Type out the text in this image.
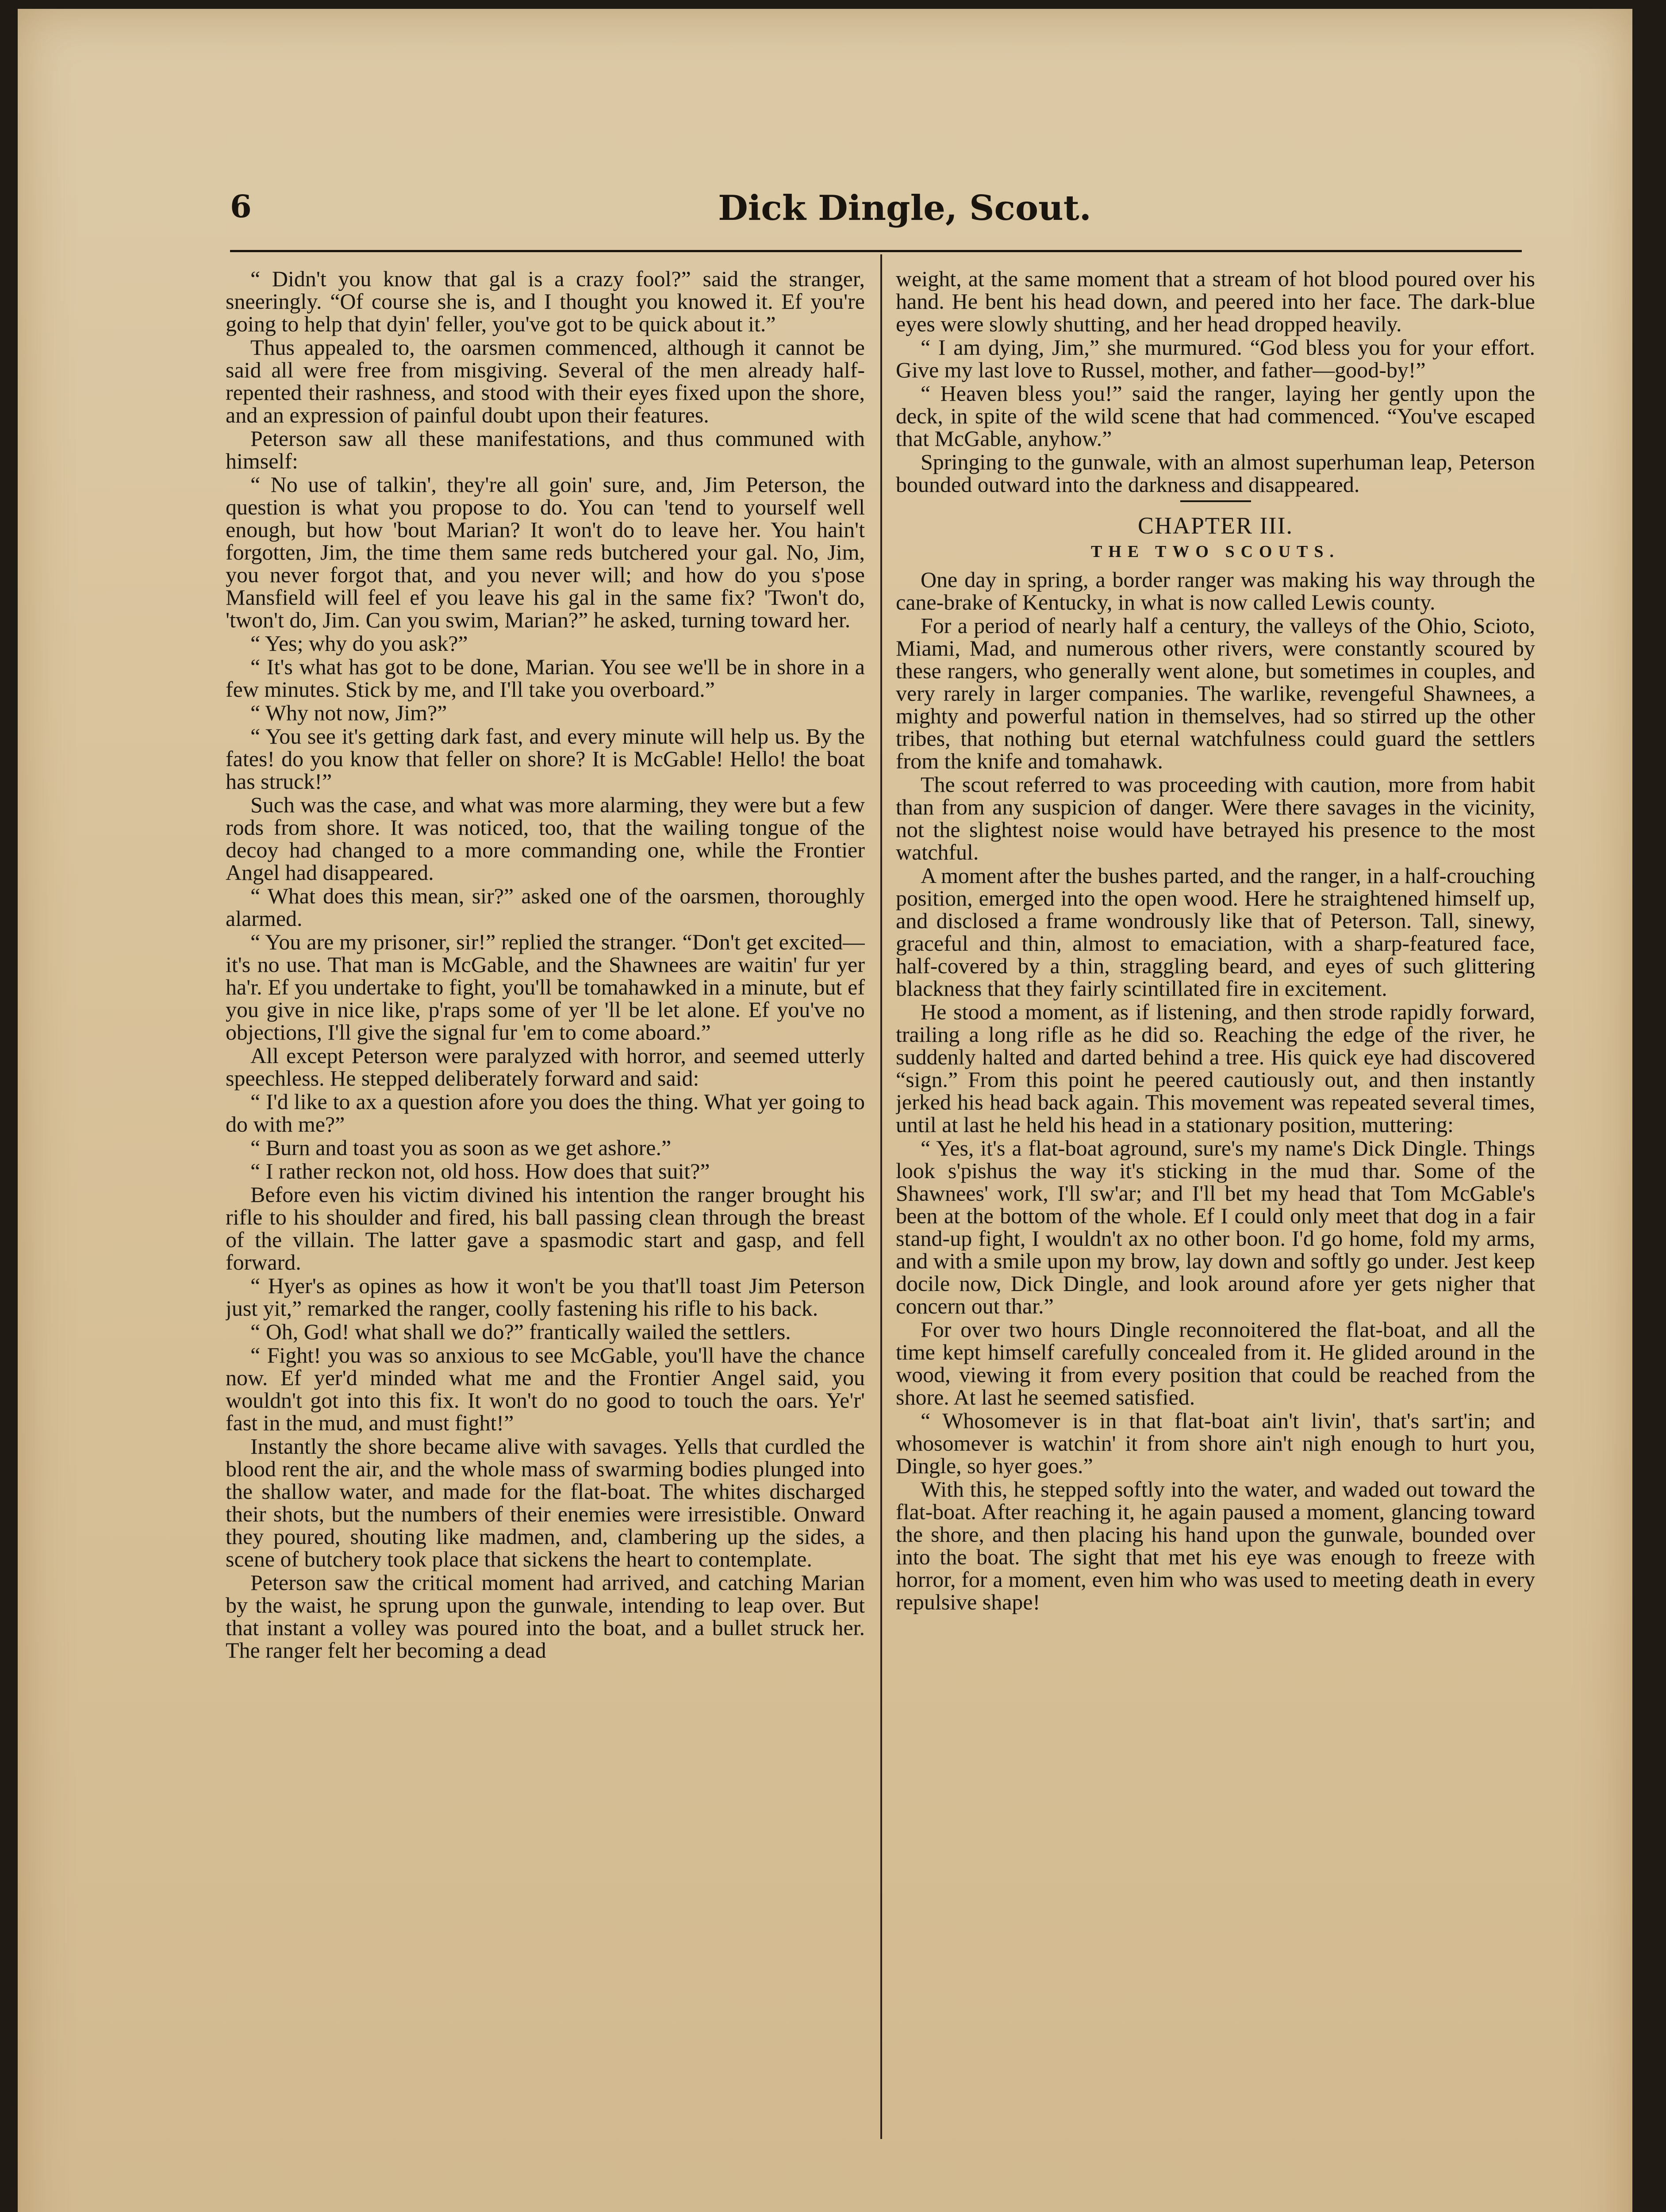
6	Dick Dingle, Scout.

“ Didn't you know that gal is a crazy fool?” said the stranger, sneeringly. “Of course she is, and I thought you knowed it. Ef you're going to help that dyin' feller, you've got to be quick about it.”

Thus appealed to, the oarsmen commenced, although it cannot be said all were free from misgiving. Several of the men already half-repented their rashness, and stood with their eyes fixed upon the shore, and an expression of painful doubt upon their features.

Peterson saw all these manifestations, and thus communed with himself:

“ No use of talkin', they're all goin' sure, and, Jim Peterson, the question is what you propose to do. You can 'tend to yourself well enough, but how 'bout Marian? It won't do to leave her. You hain't forgotten, Jim, the time them same reds butchered your gal. No, Jim, you never forgot that, and you never will; and how do you s'pose Mansfield will feel ef you leave his gal in the same fix? 'Twon't do, 'twon't do, Jim. Can you swim, Marian?” he asked, turning toward her.

“ Yes; why do you ask?”

“ It's what has got to be done, Marian. You see we'll be in shore in a few minutes. Stick by me, and I'll take you overboard.”

“ Why not now, Jim?”

“ You see it's getting dark fast, and every minute will help us. By the fates! do you know that feller on shore? It is McGable! Hello! the boat has struck!”

Such was the case, and what was more alarming, they were but a few rods from shore. It was noticed, too, that the wailing tongue of the decoy had changed to a more commanding one, while the Frontier Angel had disappeared.

“ What does this mean, sir?” asked one of the oarsmen, thoroughly alarmed.

“ You are my prisoner, sir!” replied the stranger. “Don't get excited—it's no use. That man is McGable, and the Shawnees are waitin' fur yer ha'r. Ef you undertake to fight, you'll be tomahawked in a minute, but ef you give in nice like, p'raps some of yer 'll be let alone. Ef you've no objections, I'll give the signal fur 'em to come aboard.”

All except Peterson were paralyzed with horror, and seemed utterly speechless. He stepped deliberately forward and said:

“ I'd like to ax a question afore you does the thing. What yer going to do with me?”

“ Burn and toast you as soon as we get ashore.”

“ I rather reckon not, old hoss. How does that suit?”

Before even his victim divined his intention the ranger brought his rifle to his shoulder and fired, his ball passing clean through the breast of the villain. The latter gave a spasmodic start and gasp, and fell forward.

“ Hyer's as opines as how it won't be you that'll toast Jim Peterson just yit,” remarked the ranger, coolly fastening his rifle to his back.

“ Oh, God! what shall we do?” frantically wailed the settlers.

“ Fight! you was so anxious to see McGable, you'll have the chance now. Ef yer'd minded what me and the Frontier Angel said, you wouldn't got into this fix. It won't do no good to touch the oars. Ye'r' fast in the mud, and must fight!”

Instantly the shore became alive with savages. Yells that curdled the blood rent the air, and the whole mass of swarming bodies plunged into the shallow water, and made for the flat-boat. The whites discharged their shots, but the numbers of their enemies were irresistible. Onward they poured, shouting like madmen, and, clambering up the sides, a scene of butchery took place that sickens the heart to contemplate.

Peterson saw the critical moment had arrived, and catching Marian by the waist, he sprung upon the gunwale, intending to leap over. But that instant a volley was poured into the boat, and a bullet struck her. The ranger felt her becoming a dead

weight, at the same moment that a stream of hot blood poured over his hand. He bent his head down, and peered into her face. The dark-blue eyes were slowly shutting, and her head dropped heavily.

“ I am dying, Jim,” she murmured. “God bless you for your effort. Give my last love to Russel, mother, and father—good-by!”

“ Heaven bless you!” said the ranger, laying her gently upon the deck, in spite of the wild scene that had commenced. “You've escaped that McGable, anyhow.”

Springing to the gunwale, with an almost superhuman leap, Peterson bounded outward into the darkness and disappeared.

CHAPTER III.
THE TWO SCOUTS.

One day in spring, a border ranger was making his way through the cane-brake of Kentucky, in what is now called Lewis county.

For a period of nearly half a century, the valleys of the Ohio, Scioto, Miami, Mad, and numerous other rivers, were constantly scoured by these rangers, who generally went alone, but sometimes in couples, and very rarely in larger companies. The warlike, revengeful Shawnees, a mighty and powerful nation in themselves, had so stirred up the other tribes, that nothing but eternal watchfulness could guard the settlers from the knife and tomahawk.

The scout referred to was proceeding with caution, more from habit than from any suspicion of danger. Were there savages in the vicinity, not the slightest noise would have betrayed his presence to the most watchful.

A moment after the bushes parted, and the ranger, in a half-crouching position, emerged into the open wood. Here he straightened himself up, and disclosed a frame wondrously like that of Peterson. Tall, sinewy, graceful and thin, almost to emaciation, with a sharp-featured face, half-covered by a thin, straggling beard, and eyes of such glittering blackness that they fairly scintillated fire in excitement.

He stood a moment, as if listening, and then strode rapidly forward, trailing a long rifle as he did so. Reaching the edge of the river, he suddenly halted and darted behind a tree. His quick eye had discovered “sign.” From this point he peered cautiously out, and then instantly jerked his head back again. This movement was repeated several times, until at last he held his head in a stationary position, muttering:

“ Yes, it's a flat-boat aground, sure's my name's Dick Dingle. Things look s'pishus the way it's sticking in the mud thar. Some of the Shawnees' work, I'll sw'ar; and I'll bet my head that Tom McGable's been at the bottom of the whole. Ef I could only meet that dog in a fair stand-up fight, I wouldn't ax no other boon. I'd go home, fold my arms, and with a smile upon my brow, lay down and softly go under. Jest keep docile now, Dick Dingle, and look around afore yer gets nigher that concern out thar.”

For over two hours Dingle reconnoitered the flat-boat, and all the time kept himself carefully concealed from it. He glided around in the wood, viewing it from every position that could be reached from the shore. At last he seemed satisfied.

“ Whosomever is in that flat-boat ain't livin', that's sart'in; and whosomever is watchin' it from shore ain't nigh enough to hurt you, Dingle, so hyer goes.”

With this, he stepped softly into the water, and waded out toward the flat-boat. After reaching it, he again paused a moment, glancing toward the shore, and then placing his hand upon the gunwale, bounded over into the boat. The sight that met his eye was enough to freeze with horror, for a moment, even him who was used to meeting death in every repulsive shape!
